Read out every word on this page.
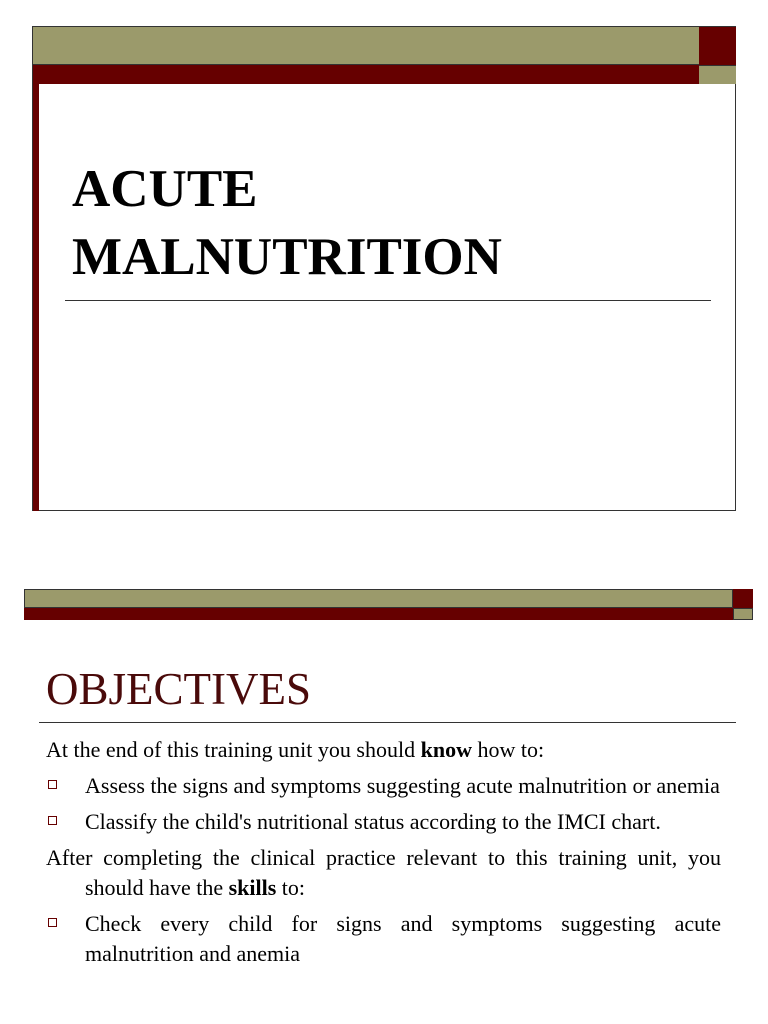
ACUTE
MALNUTRITION
OBJECTIVES

At the end of this training unit you should know how to:

Assess the signs and symptoms suggesting acute malnutrition or anemia
Classify the child's nutritional status according to the IMCI chart.

After completing the clinical practice relevant to this training unit, you should have the skills to:

Check every child for signs and symptoms suggesting acute malnutrition and anemia
